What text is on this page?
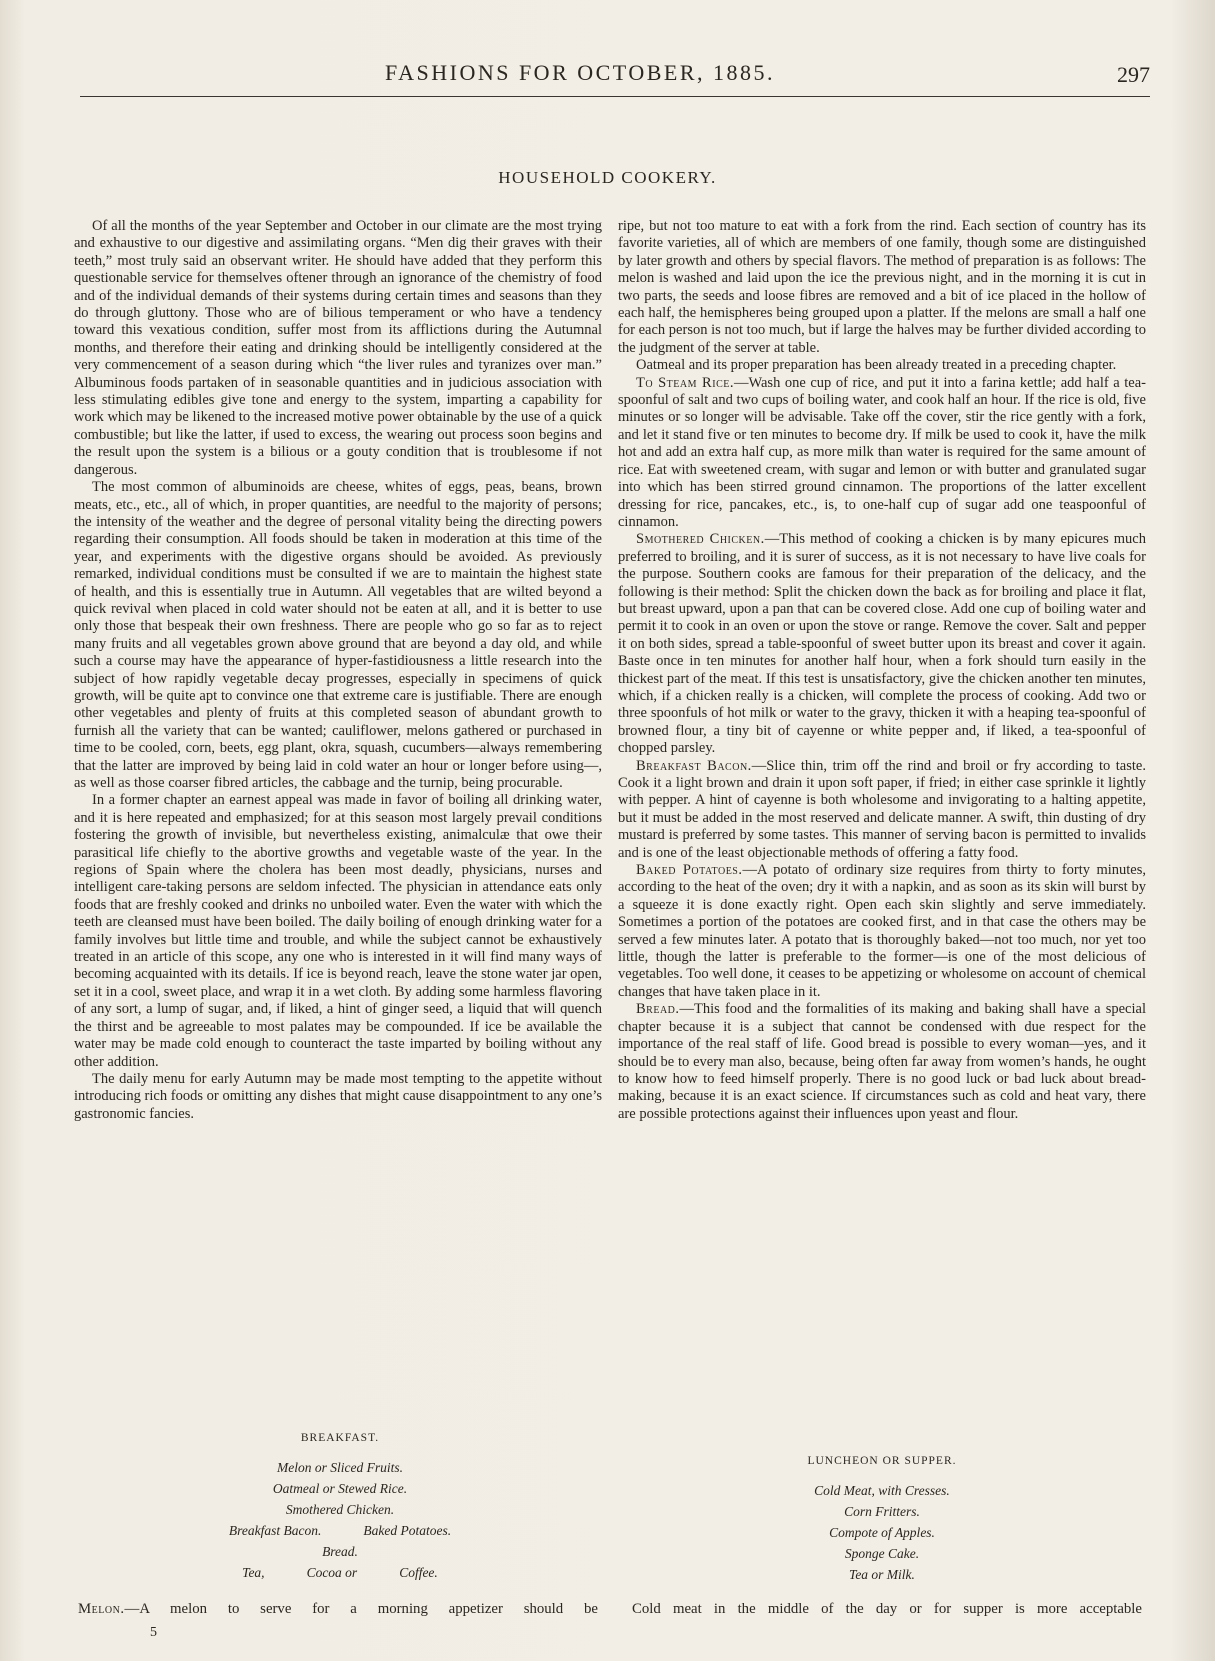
FASHIONS FOR OCTOBER, 1885.	297
HOUSEHOLD COOKERY.

Of all the months of the year September and October in our climate are the most trying and exhaustive to our digestive and assimilating organs. “Men dig their graves with their teeth,” most truly said an observant writer. He should have added that they perform this questionable service for themselves oftener through an ignorance of the chemistry of food and of the individual demands of their systems during certain times and seasons than they do through gluttony. Those who are of bilious temperament or who have a tendency toward this vexatious condition, suffer most from its afflictions during the Autumnal months, and therefore their eating and drinking should be intelligently considered at the very commencement of a season during which “the liver rules and tyranizes over man.” Albuminous foods partaken of in seasonable quantities and in judicious association with less stimulating edibles give tone and energy to the system, imparting a capability for work which may be likened to the increased motive power obtainable by the use of a quick combustible; but like the latter, if used to excess, the wearing out process soon begins and the result upon the system is a bilious or a gouty condition that is troublesome if not dangerous.

The most common of albuminoids are cheese, whites of eggs, peas, beans, brown meats, etc., etc., all of which, in proper quantities, are needful to the majority of persons; the intensity of the weather and the degree of personal vitality being the directing powers regarding their consumption. All foods should be taken in moderation at this time of the year, and experiments with the digestive organs should be avoided. As previously remarked, individual conditions must be consulted if we are to maintain the highest state of health, and this is essentially true in Autumn. All vegetables that are wilted beyond a quick revival when placed in cold water should not be eaten at all, and it is better to use only those that bespeak their own freshness. There are people who go so far as to reject many fruits and all vegetables grown above ground that are beyond a day old, and while such a course may have the appearance of hyper-fastidiousness a little research into the subject of how rapidly vegetable decay progresses, especially in specimens of quick growth, will be quite apt to convince one that extreme care is justifiable. There are enough other vegetables and plenty of fruits at this completed season of abundant growth to furnish all the variety that can be wanted; cauliflower, melons gathered or purchased in time to be cooled, corn, beets, egg plant, okra, squash, cucumbers—always remembering that the latter are improved by being laid in cold water an hour or longer before using—, as well as those coarser fibred articles, the cabbage and the turnip, being procurable.

In a former chapter an earnest appeal was made in favor of boiling all drinking water, and it is here repeated and emphasized; for at this season most largely prevail conditions fostering the growth of invisible, but nevertheless existing, animalculæ that owe their parasitical life chiefly to the abortive growths and vegetable waste of the year. In the regions of Spain where the cholera has been most deadly, physicians, nurses and intelligent care-taking persons are seldom infected. The physician in attendance eats only foods that are freshly cooked and drinks no unboiled water. Even the water with which the teeth are cleansed must have been boiled. The daily boiling of enough drinking water for a family involves but little time and trouble, and while the subject cannot be exhaustively treated in an article of this scope, any one who is interested in it will find many ways of becoming acquainted with its details. If ice is beyond reach, leave the stone water jar open, set it in a cool, sweet place, and wrap it in a wet cloth. By adding some harmless flavoring of any sort, a lump of sugar, and, if liked, a hint of ginger seed, a liquid that will quench the thirst and be agreeable to most palates may be compounded. If ice be available the water may be made cold enough to counteract the taste imparted by boiling without any other addition.

The daily menu for early Autumn may be made most tempting to the appetite without introducing rich foods or omitting any dishes that might cause disappointment to any one’s gastronomic fancies.

ripe, but not too mature to eat with a fork from the rind. Each section of country has its favorite varieties, all of which are members of one family, though some are distinguished by later growth and others by special flavors. The method of preparation is as follows: The melon is washed and laid upon the ice the previous night, and in the morning it is cut in two parts, the seeds and loose fibres are removed and a bit of ice placed in the hollow of each half, the hemispheres being grouped upon a platter. If the melons are small a half one for each person is not too much, but if large the halves may be further divided according to the judgment of the server at table.

Oatmeal and its proper preparation has been already treated in a preceding chapter.

To Steam Rice.—Wash one cup of rice, and put it into a farina kettle; add half a tea-spoonful of salt and two cups of boiling water, and cook half an hour. If the rice is old, five minutes or so longer will be advisable. Take off the cover, stir the rice gently with a fork, and let it stand five or ten minutes to become dry. If milk be used to cook it, have the milk hot and add an extra half cup, as more milk than water is required for the same amount of rice. Eat with sweetened cream, with sugar and lemon or with butter and granulated sugar into which has been stirred ground cinnamon. The proportions of the latter excellent dressing for rice, pancakes, etc., is, to one-half cup of sugar add one teaspoonful of cinnamon.

Smothered Chicken.—This method of cooking a chicken is by many epicures much preferred to broiling, and it is surer of success, as it is not necessary to have live coals for the purpose. Southern cooks are famous for their preparation of the delicacy, and the following is their method: Split the chicken down the back as for broiling and place it flat, but breast upward, upon a pan that can be covered close. Add one cup of boiling water and permit it to cook in an oven or upon the stove or range. Remove the cover. Salt and pepper it on both sides, spread a table-spoonful of sweet butter upon its breast and cover it again. Baste once in ten minutes for another half hour, when a fork should turn easily in the thickest part of the meat. If this test is unsatisfactory, give the chicken another ten minutes, which, if a chicken really is a chicken, will complete the process of cooking. Add two or three spoonfuls of hot milk or water to the gravy, thicken it with a heaping tea-spoonful of browned flour, a tiny bit of cayenne or white pepper and, if liked, a tea-spoonful of chopped parsley.

Breakfast Bacon.—Slice thin, trim off the rind and broil or fry according to taste. Cook it a light brown and drain it upon soft paper, if fried; in either case sprinkle it lightly with pepper. A hint of cayenne is both wholesome and invigorating to a halting appetite, but it must be added in the most reserved and delicate manner. A swift, thin dusting of dry mustard is preferred by some tastes. This manner of serving bacon is permitted to invalids and is one of the least objectionable methods of offering a fatty food.

Baked Potatoes.—A potato of ordinary size requires from thirty to forty minutes, according to the heat of the oven; dry it with a napkin, and as soon as its skin will burst by a squeeze it is done exactly right. Open each skin slightly and serve immediately. Sometimes a portion of the potatoes are cooked first, and in that case the others may be served a few minutes later. A potato that is thoroughly baked—not too much, nor yet too little, though the latter is preferable to the former—is one of the most delicious of vegetables. Too well done, it ceases to be appetizing or wholesome on account of chemical changes that have taken place in it.

Bread.—This food and the formalities of its making and baking shall have a special chapter because it is a subject that cannot be condensed with due respect for the importance of the real staff of life. Good bread is possible to every woman—yes, and it should be to every man also, because, being often far away from women’s hands, he ought to know how to feed himself properly. There is no good luck or bad luck about bread-making, because it is an exact science. If circumstances such as cold and heat vary, there are possible protections against their influences upon yeast and flour.

BREAKFAST.
Melon or Sliced Fruits.
Oatmeal or Stewed Rice.
Smothered Chicken.
Breakfast Bacon.	Baked Potatoes.
Bread.
Tea,	Cocoa or	Coffee.
LUNCHEON OR SUPPER.
Cold Meat, with Cresses.
Corn Fritters.
Compote of Apples.
Sponge Cake.
Tea or Milk.
Melon.—A melon to serve for a morning appetizer should be Cold meat in the middle of the day or for supper is more acceptable
5
